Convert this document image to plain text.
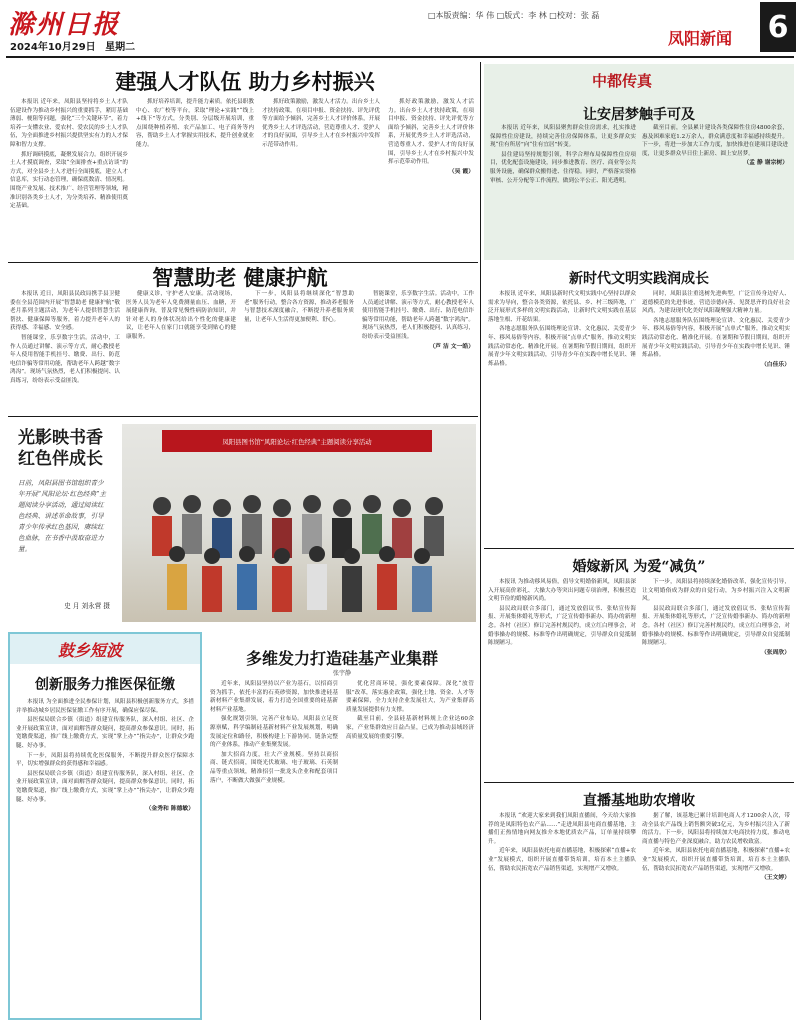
滁州日报
2024年10月29日 星期二
□本版责编：华 伟 □版式：李 林 □校对：张 磊
凤阳新闻 6
建强人才队伍 助力乡村振兴

本报讯 近年来，凤阳县坚持将乡土人才队伍建设作为推动乡村振兴的重要抓手，紧盯基础薄弱、梗阻等问题，强化“三个关键环节”，着力培养一支懂农业、爱农村、爱农民的乡土人才队伍，为全面推进乡村振兴提供坚实有力的人才保障和智力支撑。

抓好调研摸底，凝聚发展合力。组织开展乡土人才摸底调查，采取“全面排查+重点访谈”的方式，对全县乡土人才进行全面摸底，建立人才信息库，实行动态管理，确保底数清、情况明。围绕产业发展、技术推广、经营管理等领域，精准识别各类乡土人才，为分类培养、精准使用奠定基础。

抓好培养培训，提升能力素质。依托县职教中心、农广校等平台，采取“理论+实践”“线上+线下”等方式，分类别、分层级开展培训，重点围绕种植养殖、农产品加工、电子商务等内容，帮助乡土人才掌握实用技术，提升创业就业能力。

抓好政策激励，激发人才活力。出台乡土人才扶持政策，在项目申报、资金扶持、评先评优等方面给予倾斜，完善乡土人才评价体系，开展优秀乡土人才评选活动，营造尊重人才、爱护人才的良好氛围，引导乡土人才在乡村振兴中发挥示范带动作用。

抓好政策激励，激发人才活力。出台乡土人才扶持政策，在项目申报、资金扶持、评先评优等方面给予倾斜，完善乡土人才评价体系，开展优秀乡土人才评选活动，营造尊重人才、爱护人才的良好氛围，引导乡土人才在乡村振兴中发挥示范带动作用。

（吴 霞）
智慧助老 健康护航

本报讯 近日，凤阳县民政局携手县卫健委在全县范围内开展“智慧助老 健康护航”敬老月系列主题活动，为老年人提供智慧生活帮扶、健康保障等服务，着力提升老年人的获得感、幸福感、安全感。

智能课堂，乐享数字生活。活动中，工作人员通过讲解、演示等方式，耐心教授老年人使用智能手机挂号、缴费、出行、防范电信诈骗等常用功能，帮助老年人跨越“数字鸿沟”。现场气氛热烈，老人们积极提问、认真练习，纷纷表示受益匪浅。

健康义诊，守护老人安康。活动现场，医务人员为老年人免费测量血压、血糖，开展健康咨询，普及常见慢性病防治知识，并针对老人的身体状况给出个性化的健康建议，让老年人在家门口就能享受到贴心的健康服务。

下一步，凤阳县将继续深化“智慧助老”服务行动，整合各方资源，推动养老服务与智慧技术深度融合，不断提升养老服务质量，让老年人生活得更加便利、舒心。

智能课堂，乐享数字生活。活动中，工作人员通过讲解、演示等方式，耐心教授老年人使用智能手机挂号、缴费、出行、防范电信诈骗等常用功能，帮助老年人跨越“数字鸿沟”。现场气氛热烈，老人们积极提问、认真练习，纷纷表示受益匪浅。

（芦 洁 文一皓）
光影映书香 红色伴成长
日前，凤阳县图书馆组织青少年开展“风阳论坛·红色经典”主题阅读分享活动，通过阅读红色经典、讲述革命故事，引导青少年传承红色基因，赓续红色血脉，在书香中汲取奋进力量。
史 月 刘永营 摄
凤阳县图书馆“风阳论坛·红色经典”主题阅读分享活动
鼓乡短波
创新服务力推医保征缴

本报讯 为全面推进全民参保计划，凤阳县积极创新服务方式，多措并举推动城乡居民医保征缴工作有序开展，确保应保尽保。

县医保局联合乡镇（街道）组建宣传服务队，深入村组、社区、企业开展政策宣讲，面对面解答群众疑问，提高群众参保意识。同时，拓宽缴费渠道，推广线上缴费方式，实现“掌上办”“指尖办”，让群众少跑腿、好办事。

下一步，凤阳县将持续优化医保服务，不断提升群众医疗保障水平，切实增强群众的获得感和幸福感。

县医保局联合乡镇（街道）组建宣传服务队，深入村组、社区、企业开展政策宣讲，面对面解答群众疑问，提高群众参保意识。同时，拓宽缴费渠道，推广线上缴费方式，实现“掌上办”“指尖办”，让群众少跑腿、好办事。

（金秀和 陈德敏）
多维发力打造硅基产业集群
张宇静

近年来，凤阳县坚持以产业为基石，以招商引资为抓手，依托丰富的石英砂资源，加快推进硅基新材料产业集群发展，着力打造全国重要的硅基新材料产业基地。

强化规划引领，完善产业布局。凤阳县立足资源禀赋，科学编制硅基新材料产业发展规划，明确发展定位和路径，积极构建上下游协同、链条完整的产业体系，推动产业集聚发展。

加大招商力度，壮大产业规模。坚持以商招商、链式招商，围绕光伏玻璃、电子玻璃、石英制品等重点领域，精准招引一批龙头企业和配套项目落户，不断做大做强产业规模。

优化营商环境，强化要素保障。深化“放管服”改革，落实惠企政策，强化土地、资金、人才等要素保障，全力支持企业发展壮大，为产业集群高质量发展提供有力支撑。

截至目前，全县硅基新材料规上企业达60余家，产业集群效应日益凸显，已成为推动县域经济高质量发展的重要引擎。

中都传真
让安居梦触手可及

本报讯 近年来，凤阳县聚焦群众住房需求，扎实推进保障性住房建设，持续完善住房保障体系，让更多群众实现“住有所居”向“住有宜居”转变。

县住建局坚持规划引领，科学合理布局保障性住房项目，优化配套设施建设，同步推进教育、医疗、商业等公共服务设施，确保群众搬得进、住得稳。同时，严格落实资格审核、公开分配等工作流程，做到公平公正、阳光透明。

截至目前，全县累计建设各类保障性住房4800余套，惠及困难家庭1.2万余人，群众满意度和幸福感持续提升。下一步，将进一步加大工作力度，加快推进在建项目建设进度，让更多群众早日住上新房、圆上安居梦。

（孟 静 谢宗树）
新时代文明实践润成长

本报讯 近年来，凤阳县新时代文明实践中心坚持以群众需求为导向，整合各类资源，依托县、乡、村三级阵地，广泛开展形式多样的文明实践活动，让新时代文明实践在基层落地生根、开花结果。

各地志愿服务队伍围绕理论宣讲、文化惠民、关爱青少年、移风易俗等内容，积极开展“点单式”服务，推动文明实践活动常态化、精准化开展。在暑期和节假日期间，组织开展青少年文明实践活动，引导青少年在实践中增长见识、锤炼品格。

同时，凤阳县注重选树先进典型，广泛宣传身边好人、道德模范的先进事迹，营造崇德向善、见贤思齐的良好社会风尚，为建设现代化美好凤阳凝聚强大精神力量。

各地志愿服务队伍围绕理论宣讲、文化惠民、关爱青少年、移风易俗等内容，积极开展“点单式”服务，推动文明实践活动常态化、精准化开展。在暑期和节假日期间，组织开展青少年文明实践活动，引导青少年在实践中增长见识、锤炼品格。

（白佳乐）
婚嫁新风 为爱“减负”

本报讯 为推动移风易俗，倡导文明婚俗新风，凤阳县深入开展高价彩礼、大操大办等突出问题专项治理，积极营造文明节俭的婚嫁新风尚。

县民政局联合多部门，通过发放倡议书、张贴宣传海报、开展集体婚礼等形式，广泛宣传婚事新办、简办的新理念。各村（社区）修订完善村规民约，成立红白理事会，对婚事操办的规模、标准等作出明确规定，引导群众自觉抵制陈规陋习。

下一步，凤阳县将持续深化婚俗改革，强化宣传引导，让文明婚俗成为群众的自觉行动，为乡村振兴注入文明新风。

县民政局联合多部门，通过发放倡议书、张贴宣传海报、开展集体婚礼等形式，广泛宣传婚事新办、简办的新理念。各村（社区）修订完善村规民约，成立红白理事会，对婚事操办的规模、标准等作出明确规定，引导群众自觉抵制陈规陋习。

（张周欣）
直播基地助农增收

本报讯 “欢迎大家来到我们凤阳直播间，今天给大家推荐的是凤阳特色农产品……”走进凤阳县电商直播基地，主播们正热情地向网友推介本地优质农产品，订单量持续攀升。

近年来，凤阳县依托电商直播基地，积极探索“直播+农业”发展模式，组织开展直播带货培训，培育本土主播队伍，帮助农民拓宽农产品销售渠道，实现增产又增收。

据了解，该基地已累计培训电商人才1200余人次，带动全县农产品线上销售额突破3亿元，为乡村振兴注入了新的活力。下一步，凤阳县将持续加大电商扶持力度，推动电商直播与特色产业深度融合，助力农民增收致富。

近年来，凤阳县依托电商直播基地，积极探索“直播+农业”发展模式，组织开展直播带货培训，培育本土主播队伍，帮助农民拓宽农产品销售渠道，实现增产又增收。

（王文婷）
